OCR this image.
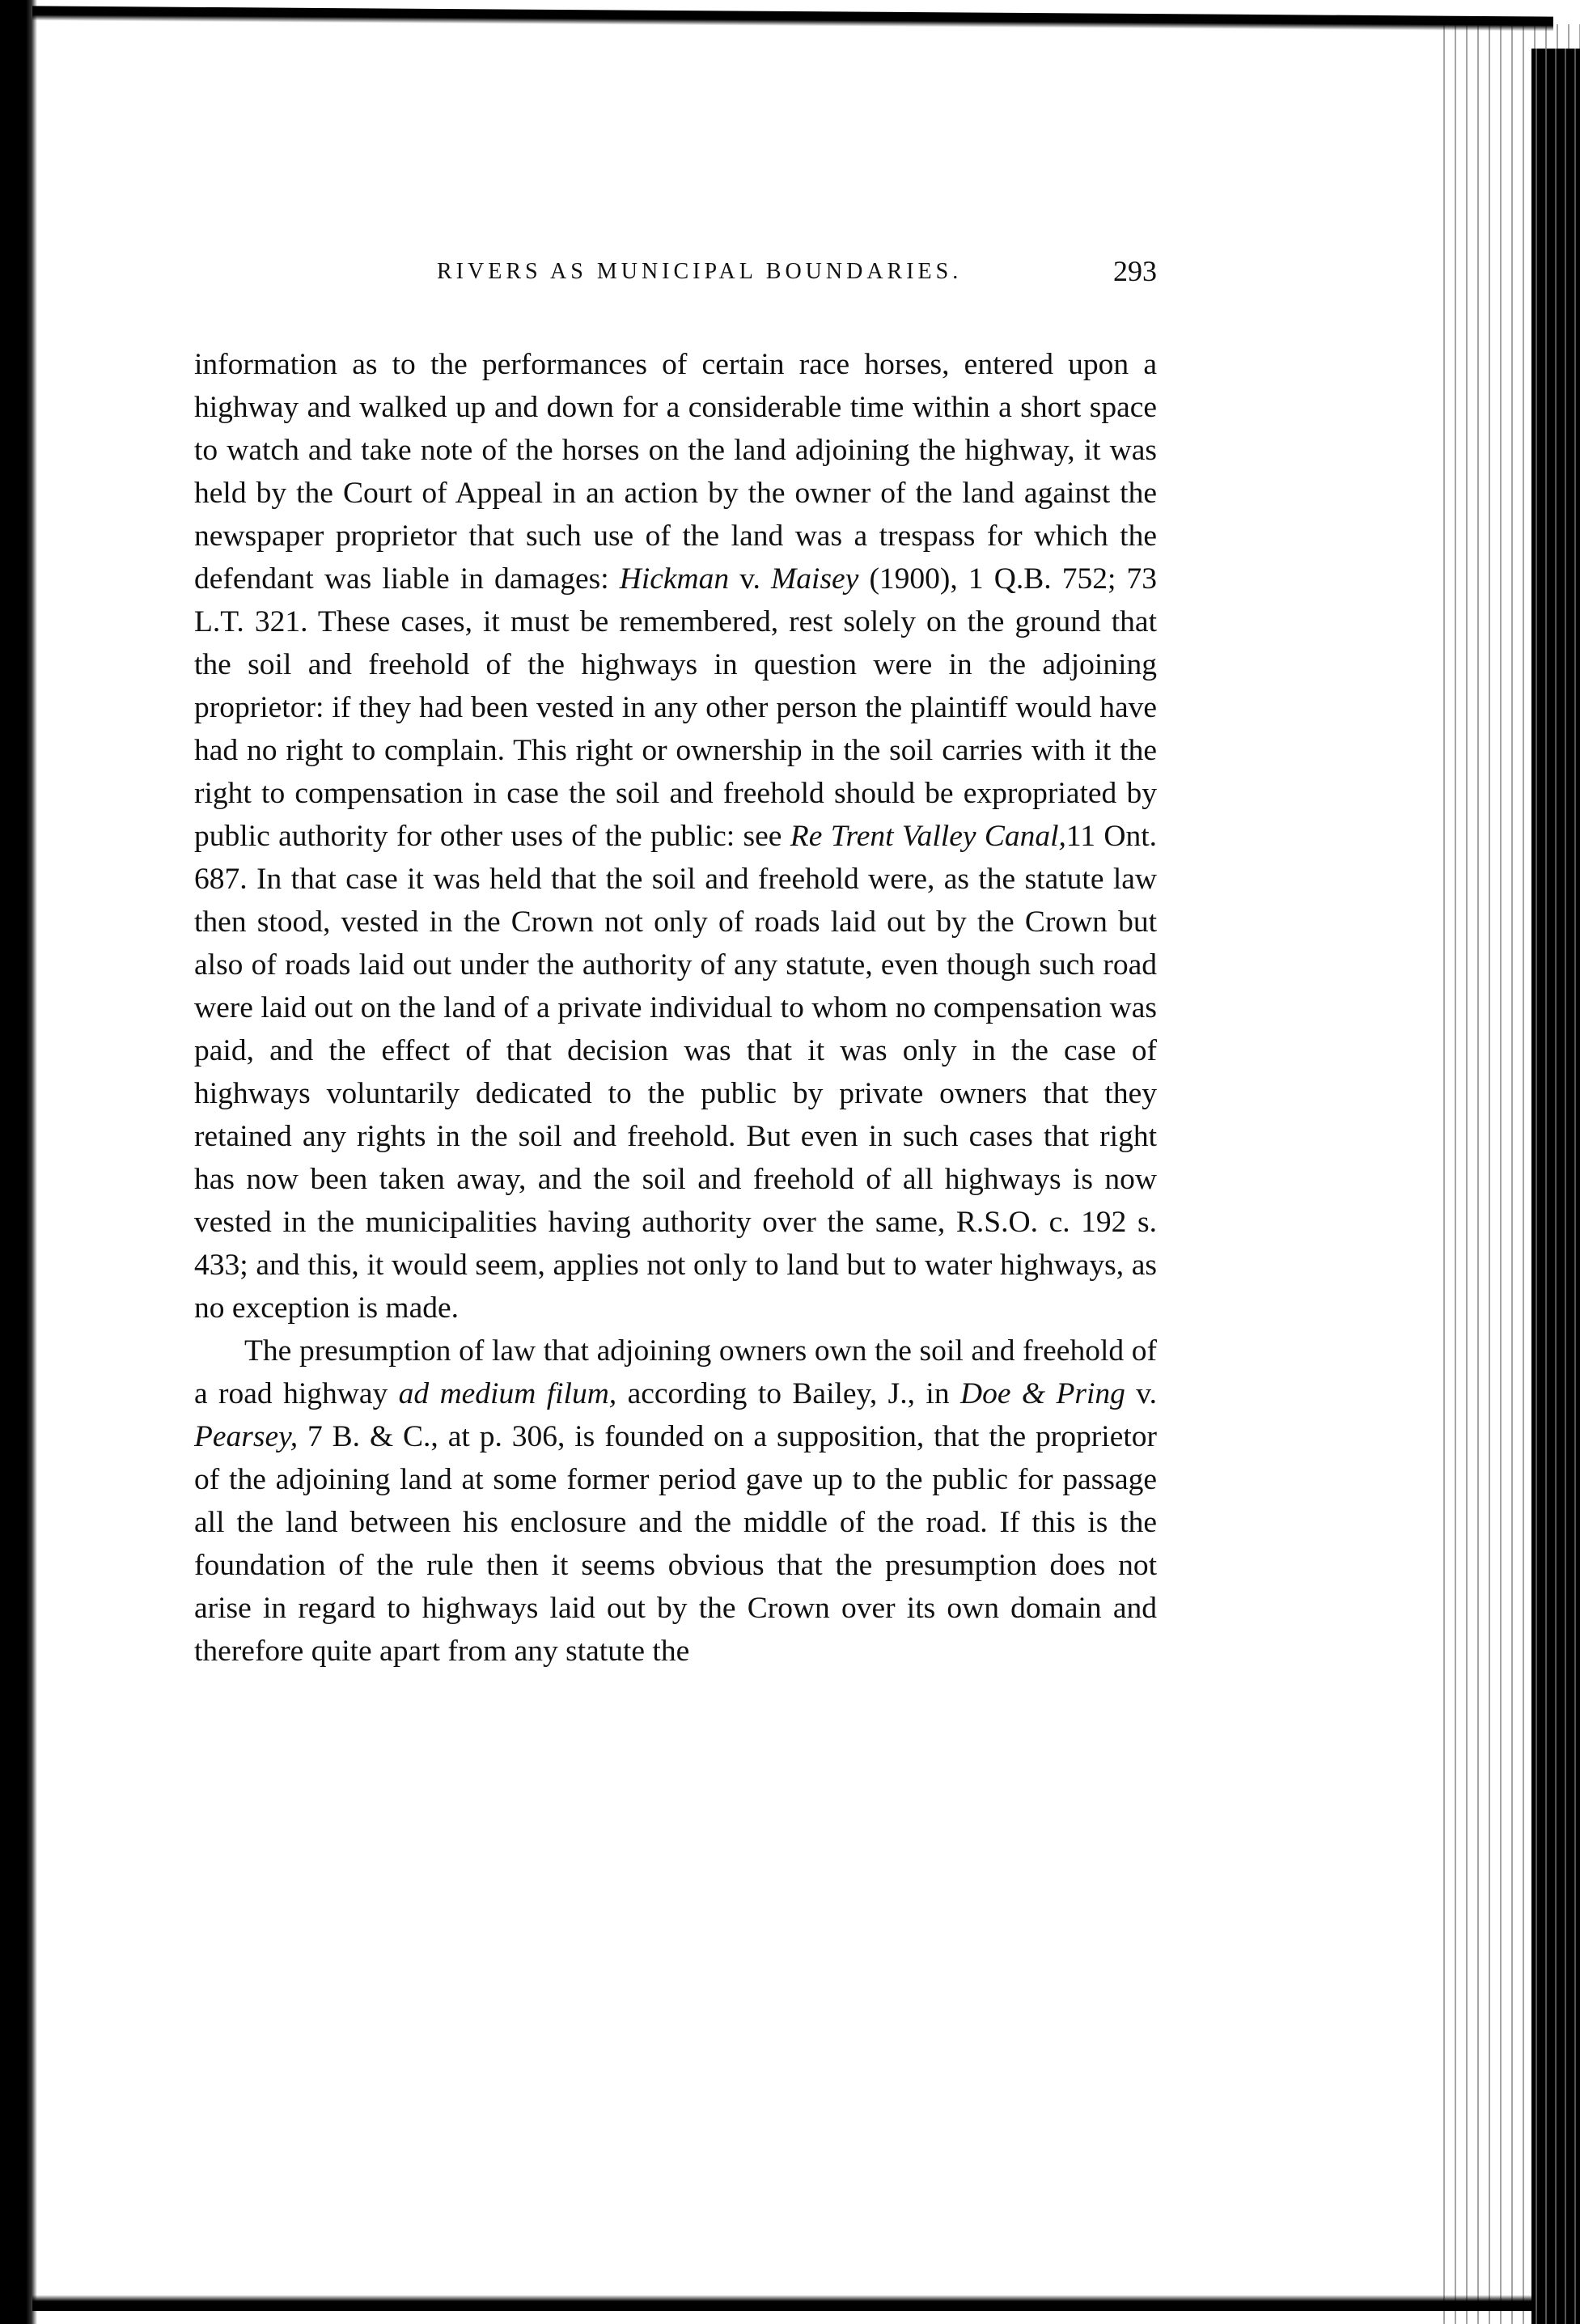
RIVERS AS MUNICIPAL BOUNDARIES.	293

information as to the performances of certain race horses, entered upon a highway and walked up and down for a considerable time within a short space to watch and take note of the horses on the land adjoining the highway, it was held by the Court of Appeal in an action by the owner of the land against the newspaper proprietor that such use of the land was a trespass for which the defendant was liable in damages: Hickman v. Maisey (1900), 1 Q.B. 752; 73 L.T. 321. These cases, it must be remembered, rest solely on the ground that the soil and freehold of the highways in question were in the adjoining proprietor: if they had been vested in any other person the plaintiff would have had no right to complain. This right or ownership in the soil carries with it the right to compensation in case the soil and freehold should be expropriated by public authority for other uses of the public: see Re Trent Valley Canal,11 Ont. 687. In that case it was held that the soil and freehold were, as the statute law then stood, vested in the Crown not only of roads laid out by the Crown but also of roads laid out under the authority of any statute, even though such road were laid out on the land of a private individual to whom no compensation was paid, and the effect of that decision was that it was only in the case of highways voluntarily dedicated to the public by private owners that they retained any rights in the soil and freehold. But even in such cases that right has now been taken away, and the soil and freehold of all highways is now vested in the municipalities having authority over the same, R.S.O. c. 192 s. 433; and this, it would seem, applies not only to land but to water highways, as no exception is made.

The presumption of law that adjoining owners own the soil and freehold of a road highway ad medium filum, according to Bailey, J., in Doe & Pring v. Pearsey, 7 B. & C., at p. 306, is founded on a supposition, that the proprietor of the adjoining land at some former period gave up to the public for passage all the land between his enclosure and the middle of the road. If this is the foundation of the rule then it seems obvious that the presumption does not arise in regard to highways laid out by the Crown over its own domain and therefore quite apart from any statute the
